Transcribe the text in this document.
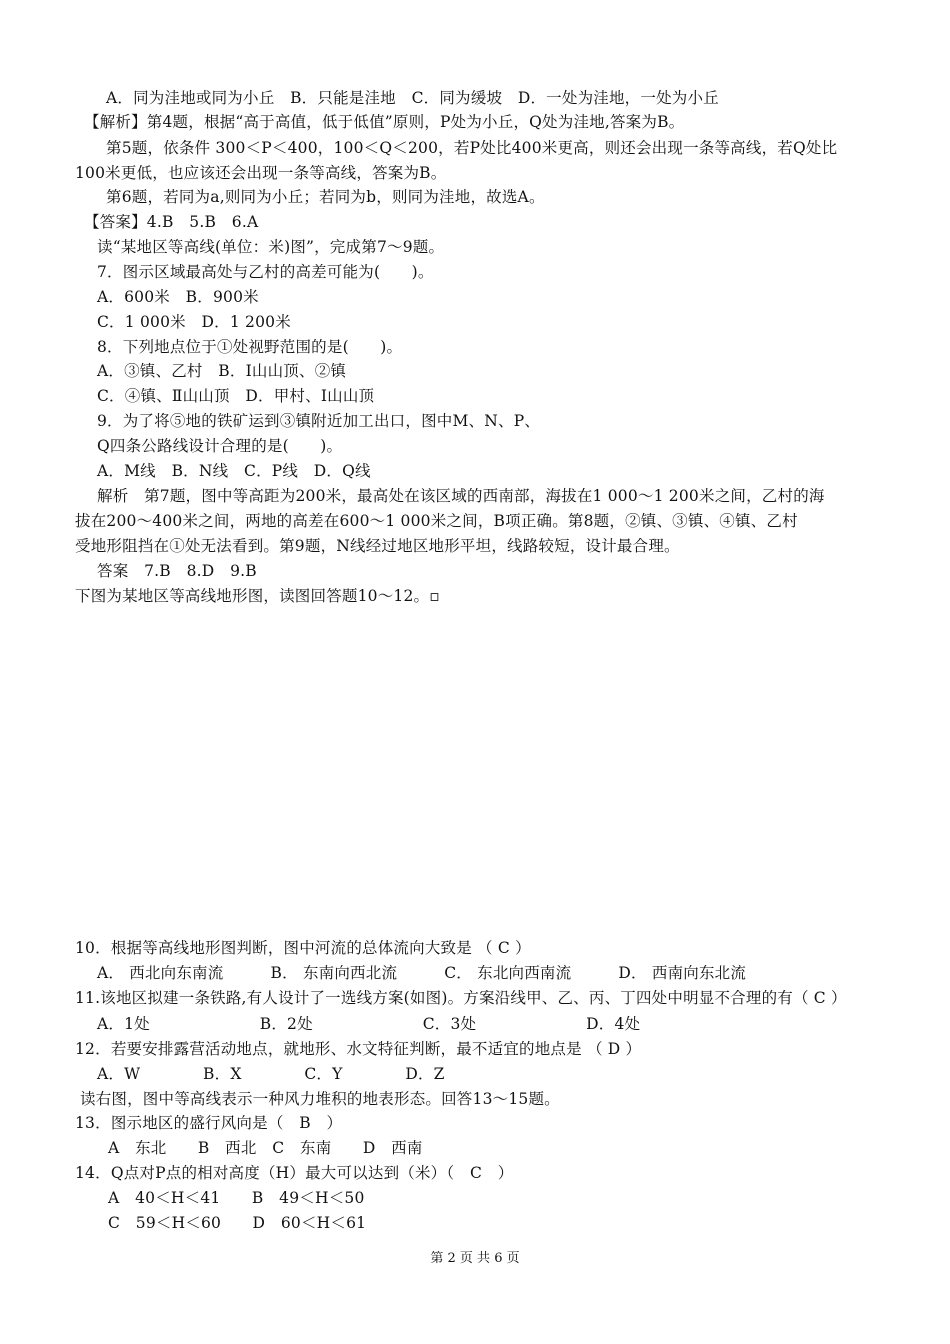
A．同为洼地或同为小丘　B．只能是洼地　C．同为缓坡　D．一处为洼地，一处为小丘
【解析】第4题，根据“高于高值，低于低值”原则，P处为小丘，Q处为洼地,答案为B。
第5题，依条件 300＜P＜400，100＜Q＜200，若P处比400米更高，则还会出现一条等高线，若Q处比
100米更低，也应该还会出现一条等高线，答案为B。
第6题，若同为a,则同为小丘；若同为b，则同为洼地，故选A。
【答案】4.B　5.B　6.A
读“某地区等高线(单位：米)图”，完成第7～9题。
7．图示区域最高处与乙村的高差可能为(　　)。
A．600米　B．900米
C．1 000米　D．1 200米
8．下列地点位于①处视野范围的是(　　)。
A．③镇、乙村　B．Ⅰ山山顶、②镇
C．④镇、Ⅱ山山顶　D．甲村、Ⅰ山山顶
9．为了将⑤地的铁矿运到③镇附近加工出口，图中M、N、P、
Q四条公路线设计合理的是(　　)。
A．M线　B．N线　C．P线　D．Q线
解析　第7题，图中等高距为200米，最高处在该区域的西南部，海拔在1 000～1 200米之间，乙村的海
拔在200～400米之间，两地的高差在600～1 000米之间，B项正确。第8题，②镇、③镇、④镇、乙村
受地形阻挡在①处无法看到。第9题，N线经过地区地形平坦，线路较短，设计最合理。
答案　7.B　8.D　9.B
下图为某地区等高线地形图，读图回答题10～12。▫
10．根据等高线地形图判断，图中河流的总体流向大致是 （ C ）
A． 西北向东南流　　　B． 东南向西北流　　　C． 东北向西南流　　　D． 西南向东北流
11.该地区拟建一条铁路,有人设计了一选线方案(如图)。方案沿线甲、乙、丙、丁四处中明显不合理的有（ C ）
A．1处　　　　　　　B．2处　　　　　　　C．3处　　　　　　　D．4处
12．若要安排露营活动地点，就地形、水文特征判断，最不适宜的地点是 （ D ）
A．W　　　　B．X　　　　C．Y　　　　D．Z
读右图，图中等高线表示一种风力堆积的地表形态。回答13～15题。
13．图示地区的盛行风向是（　B　）
A　东北　　B　西北　C　东南　　D　西南
14．Q点对P点的相对高度（H）最大可以达到（米）（　C　）
A　40＜H＜41　　B　49＜H＜50
C　59＜H＜60　　D　60＜H＜61
第 2 页 共 6 页
